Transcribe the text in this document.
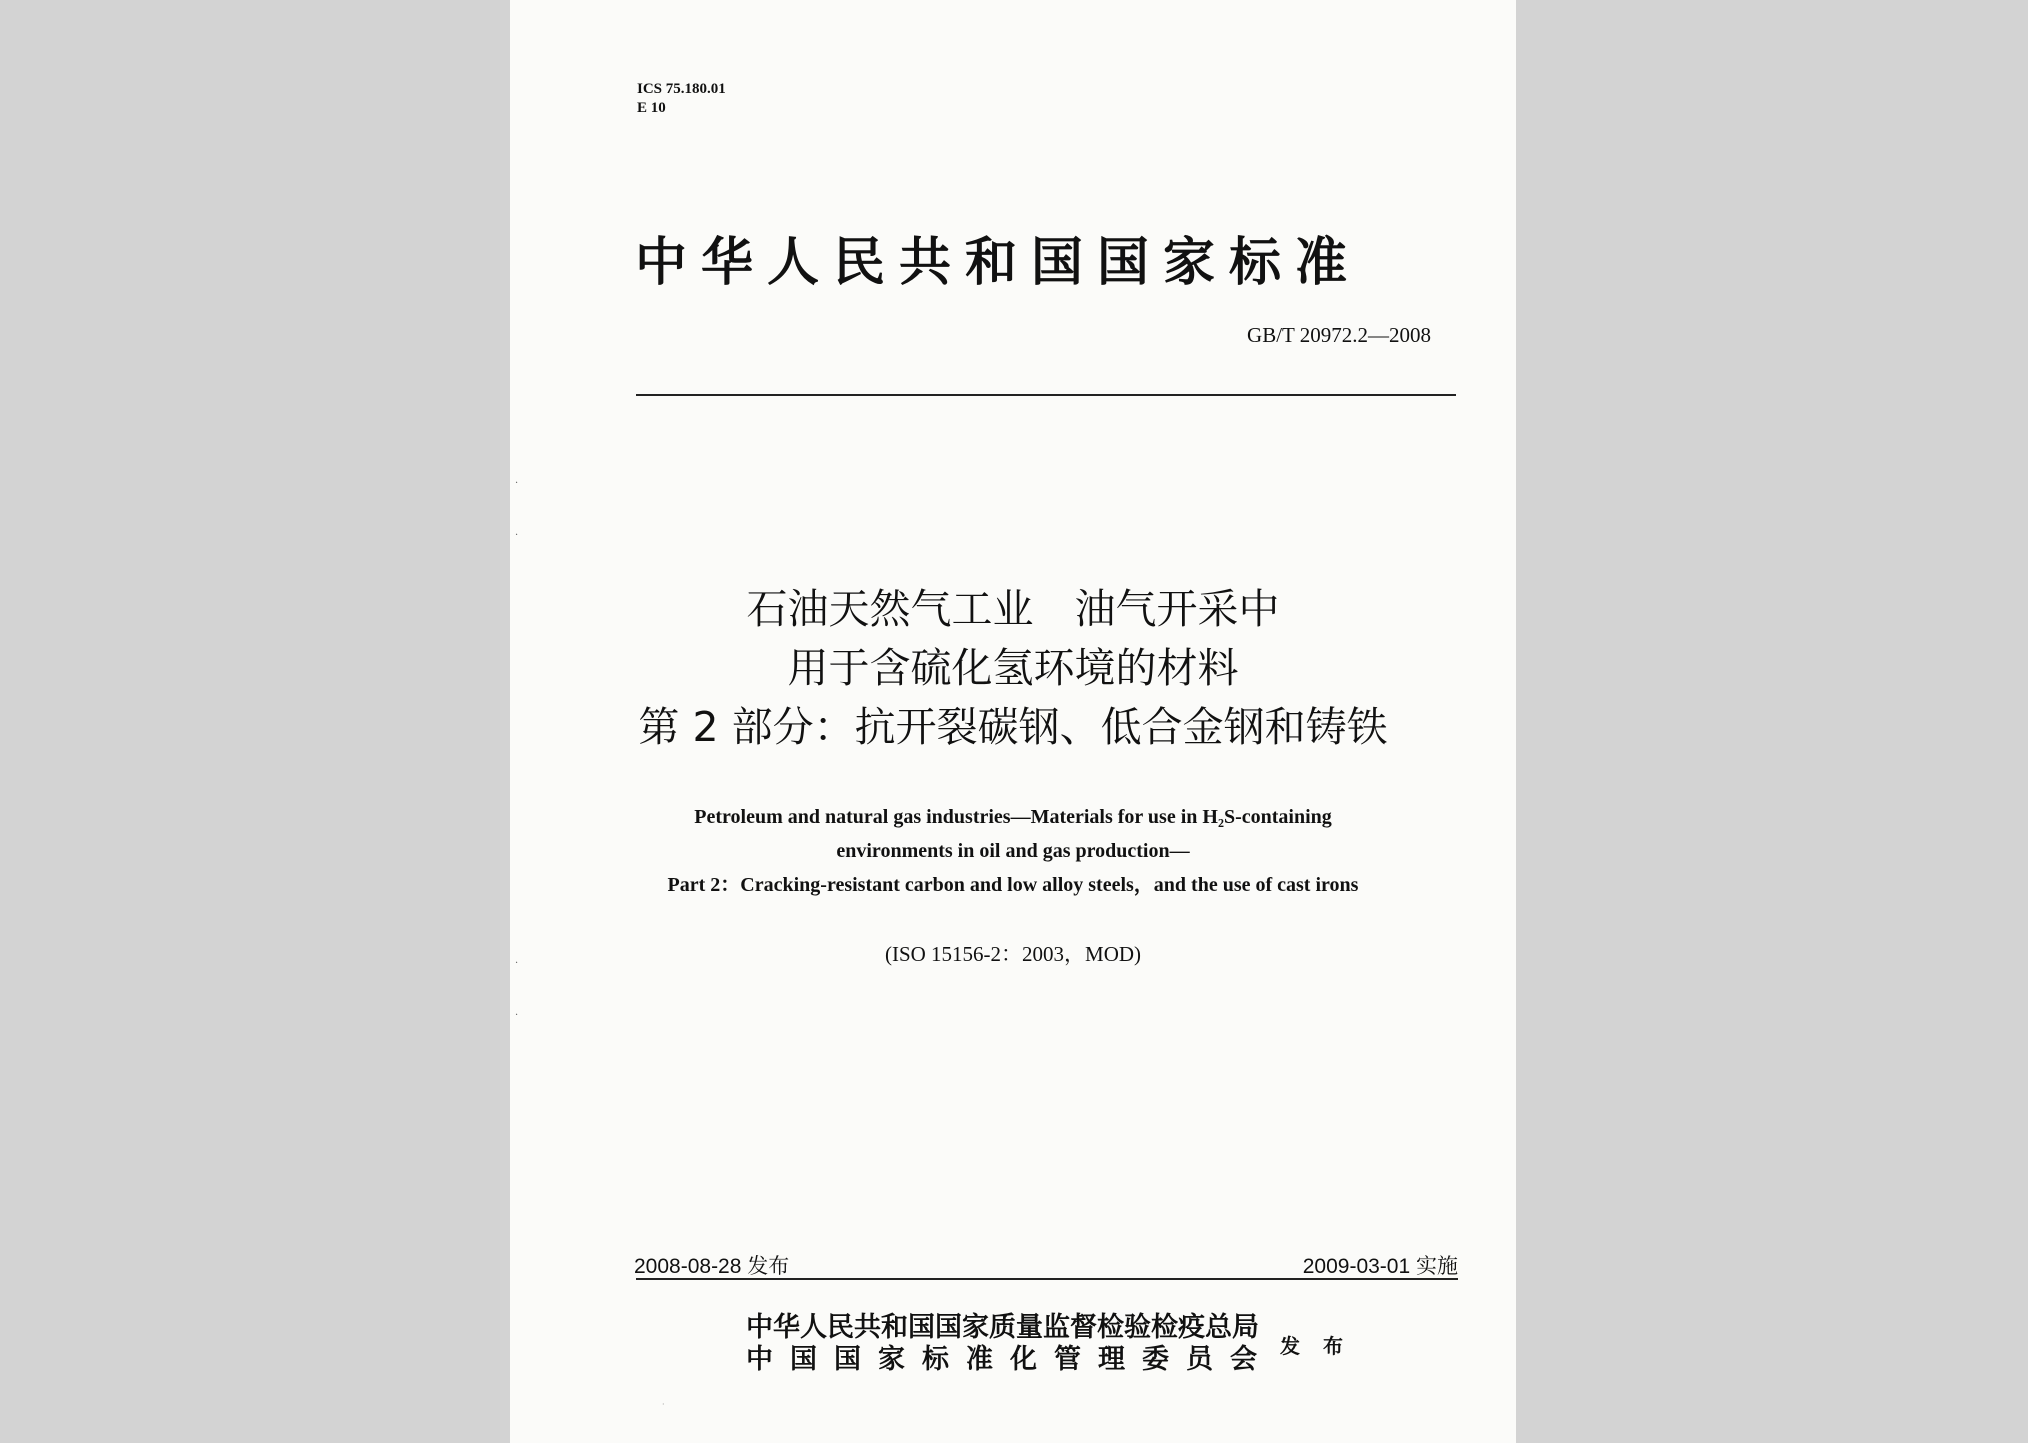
ICS 75.180.01
E 10
中华人民共和国国家标准
GB/T 20972.2—2008
·
·
·
·
石油天然气工业　油气开采中
用于含硫化氢环境的材料
第 2 部分：抗开裂碳钢、低合金钢和铸铁
Petroleum and natural gas industries—Materials for use in H₂S-containing
environments in oil and gas production—
Part 2：Cracking-resistant carbon and low alloy steels，and the use of cast irons
(ISO 15156-2：2003，MOD)
2008-08-28 发布	2009-03-01 实施
中华人民共和国国家质量监督检验检疫总局
中国国家标准化管理委员会 发 布
·
